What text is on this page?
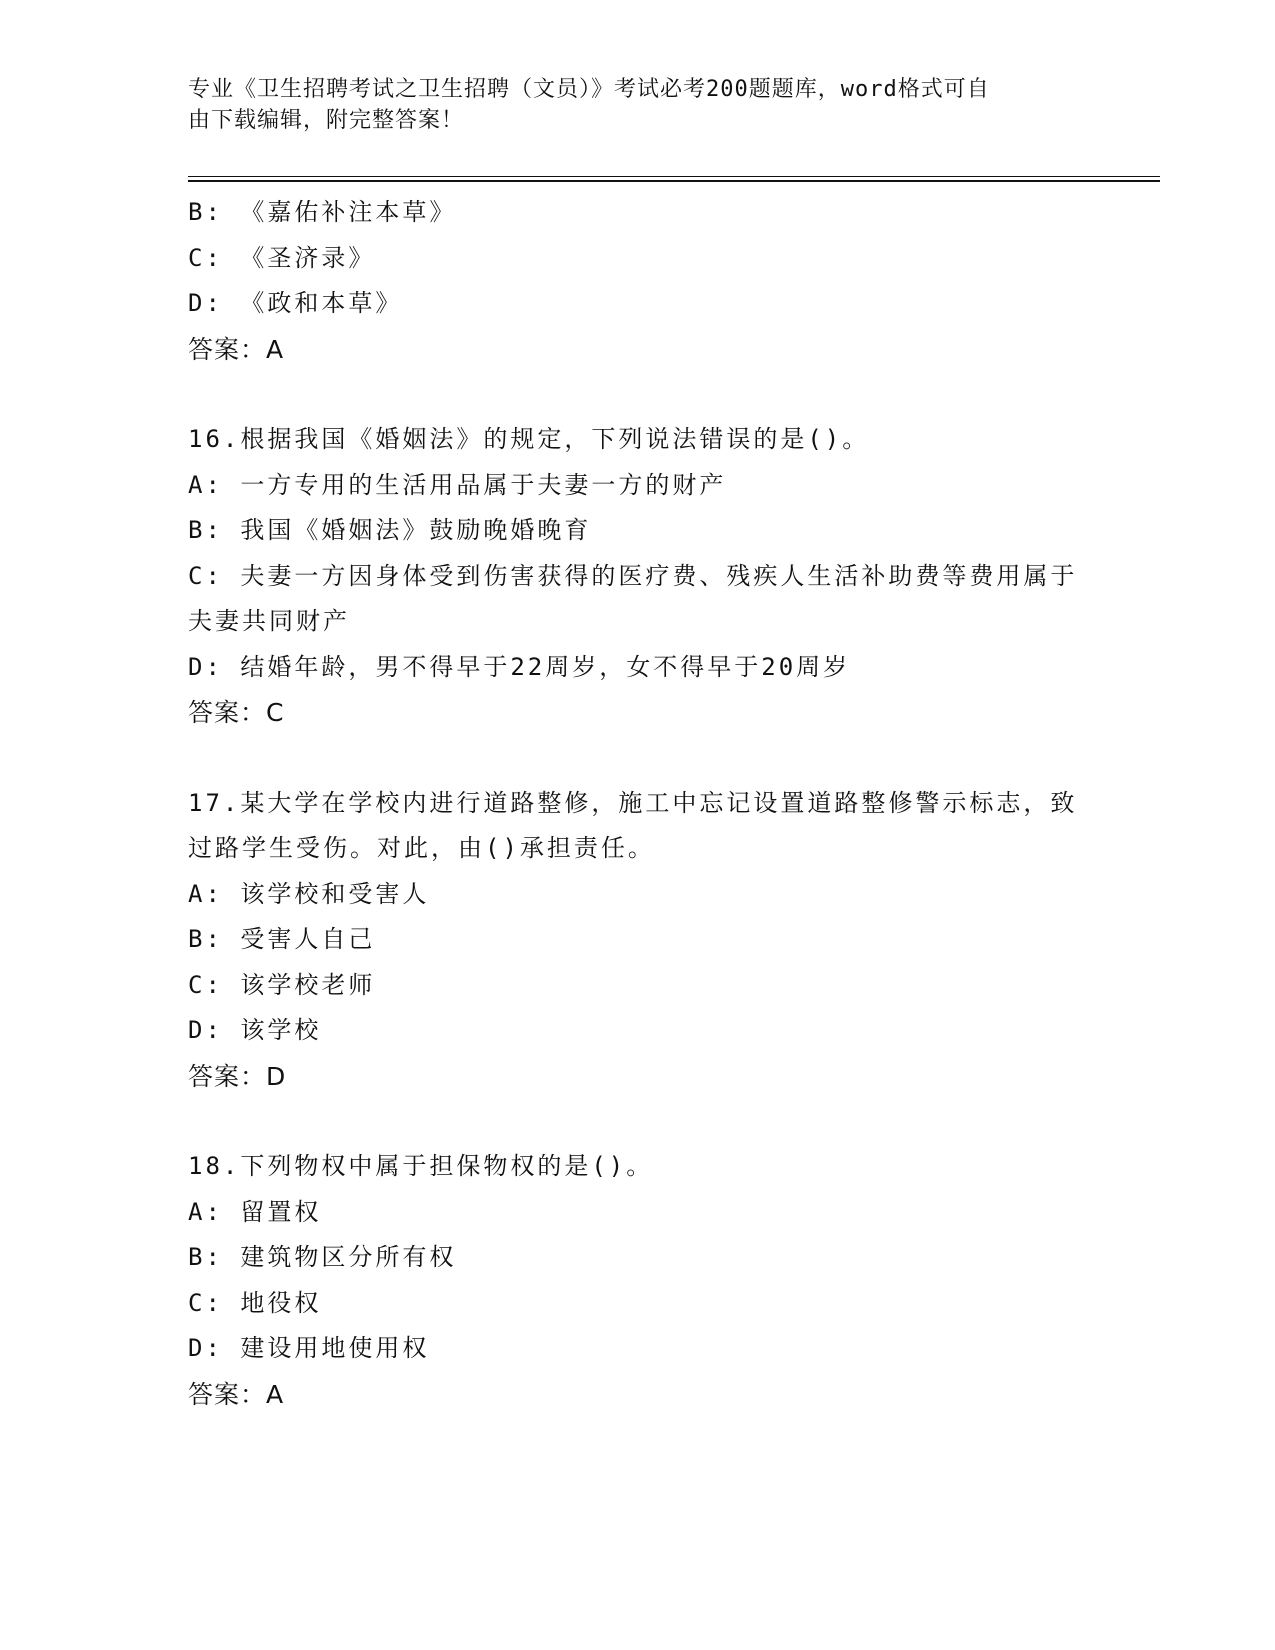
专业《卫生招聘考试之卫生招聘（文员）》考试必考200题题库，word格式可自
由下载编辑，附完整答案！
B: 《嘉佑补注本草》
C: 《圣济录》
D: 《政和本草》
答案：A
16.根据我国《婚姻法》的规定，下列说法错误的是()。
A: 一方专用的生活用品属于夫妻一方的财产
B: 我国《婚姻法》鼓励晚婚晚育
C: 夫妻一方因身体受到伤害获得的医疗费、残疾人生活补助费等费用属于夫妻共同财产
D: 结婚年龄，男不得早于22周岁，女不得早于20周岁
答案：C
17.某大学在学校内进行道路整修，施工中忘记设置道路整修警示标志，致过路学生受伤。对此，由()承担责任。
A: 该学校和受害人
B: 受害人自己
C: 该学校老师
D: 该学校
答案：D
18.下列物权中属于担保物权的是()。
A: 留置权
B: 建筑物区分所有权
C: 地役权
D: 建设用地使用权
答案：A
